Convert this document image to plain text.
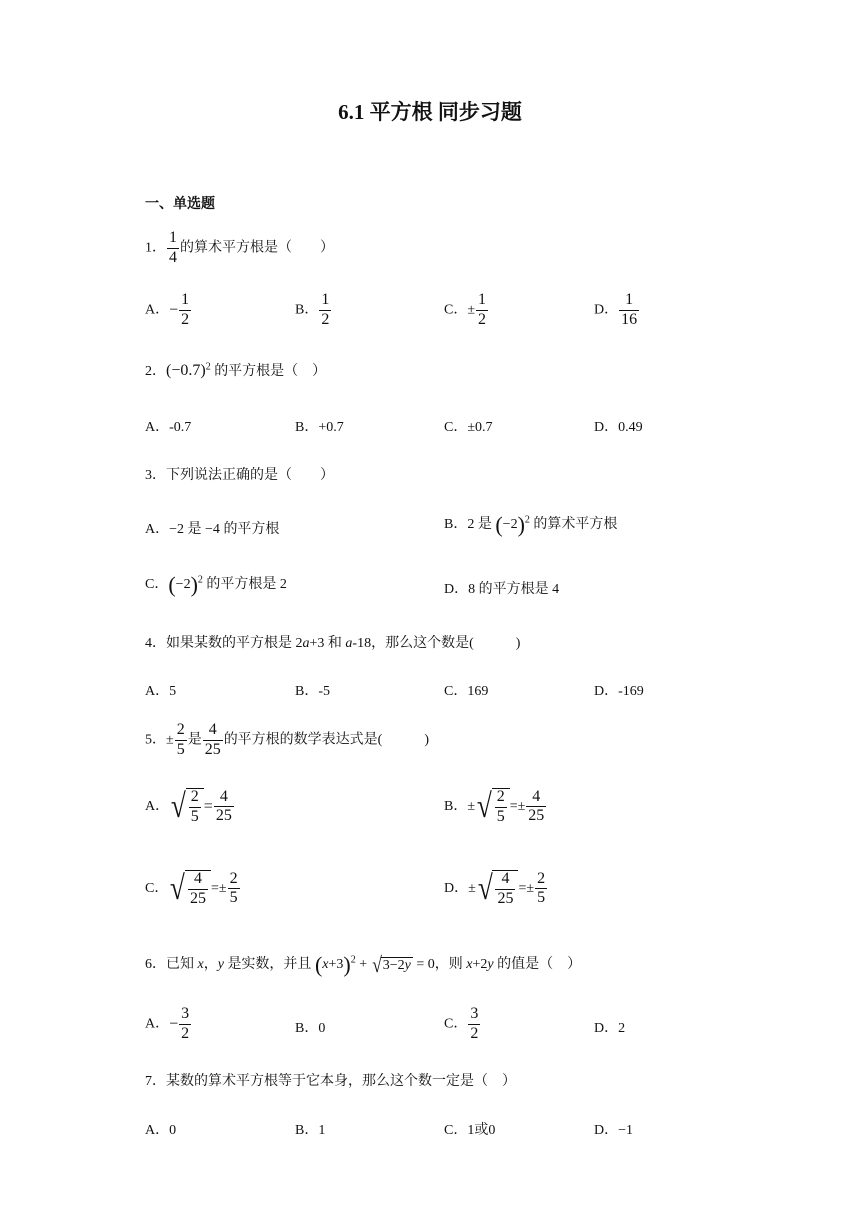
6.1 平方根 同步习题
一、单选题
1． $\frac{1}{4}$ 的算术平方根是（　　）
A．− $\frac{1}{2}$	B． $\frac{1}{2}$	C．± $\frac{1}{2}$	D． $\frac{1}{16}$
2．$(-0.7)^2$ 的平方根是（　）
A．-0.7	B．+0.7	C．±0.7	D．0.49
3．下列说法正确的是（　　）
A．−2 是 −4 的平方根	B．2 是 $(-2)^2$ 的算术平方根
C．$(-2)^2$ 的平方根是 2	D．8 的平方根是 4
4．如果某数的平方根是 2a+3 和 a-18，那么这个数是(　　　)
A．5	B．-5	C．169	D．-169
5．± $\frac{2}{5}$ 是 $\frac{4}{25}$ 的平方根的数学表达式是(　　　)
A．√ $\frac{2}{5} = \frac{4}{25}$	B．±√ $\frac{2}{5} =\pm \frac{4}{25}$
C．√ $\frac{4}{25} =\pm \frac{2}{5}$	D．±√ $\frac{4}{25} =\pm \frac{2}{5}$
6．已知 x，y 是实数，并且 $(x+3)^2 + √3-2y = 0$，则 x+2y 的值是（　）
A．− $\frac{3}{2}$	B．0	C． $\frac{3}{2}$	D．2
7．某数的算术平方根等于它本身，那么这个数一定是（　）
A．0	B．1	C．1或0	D．−1
